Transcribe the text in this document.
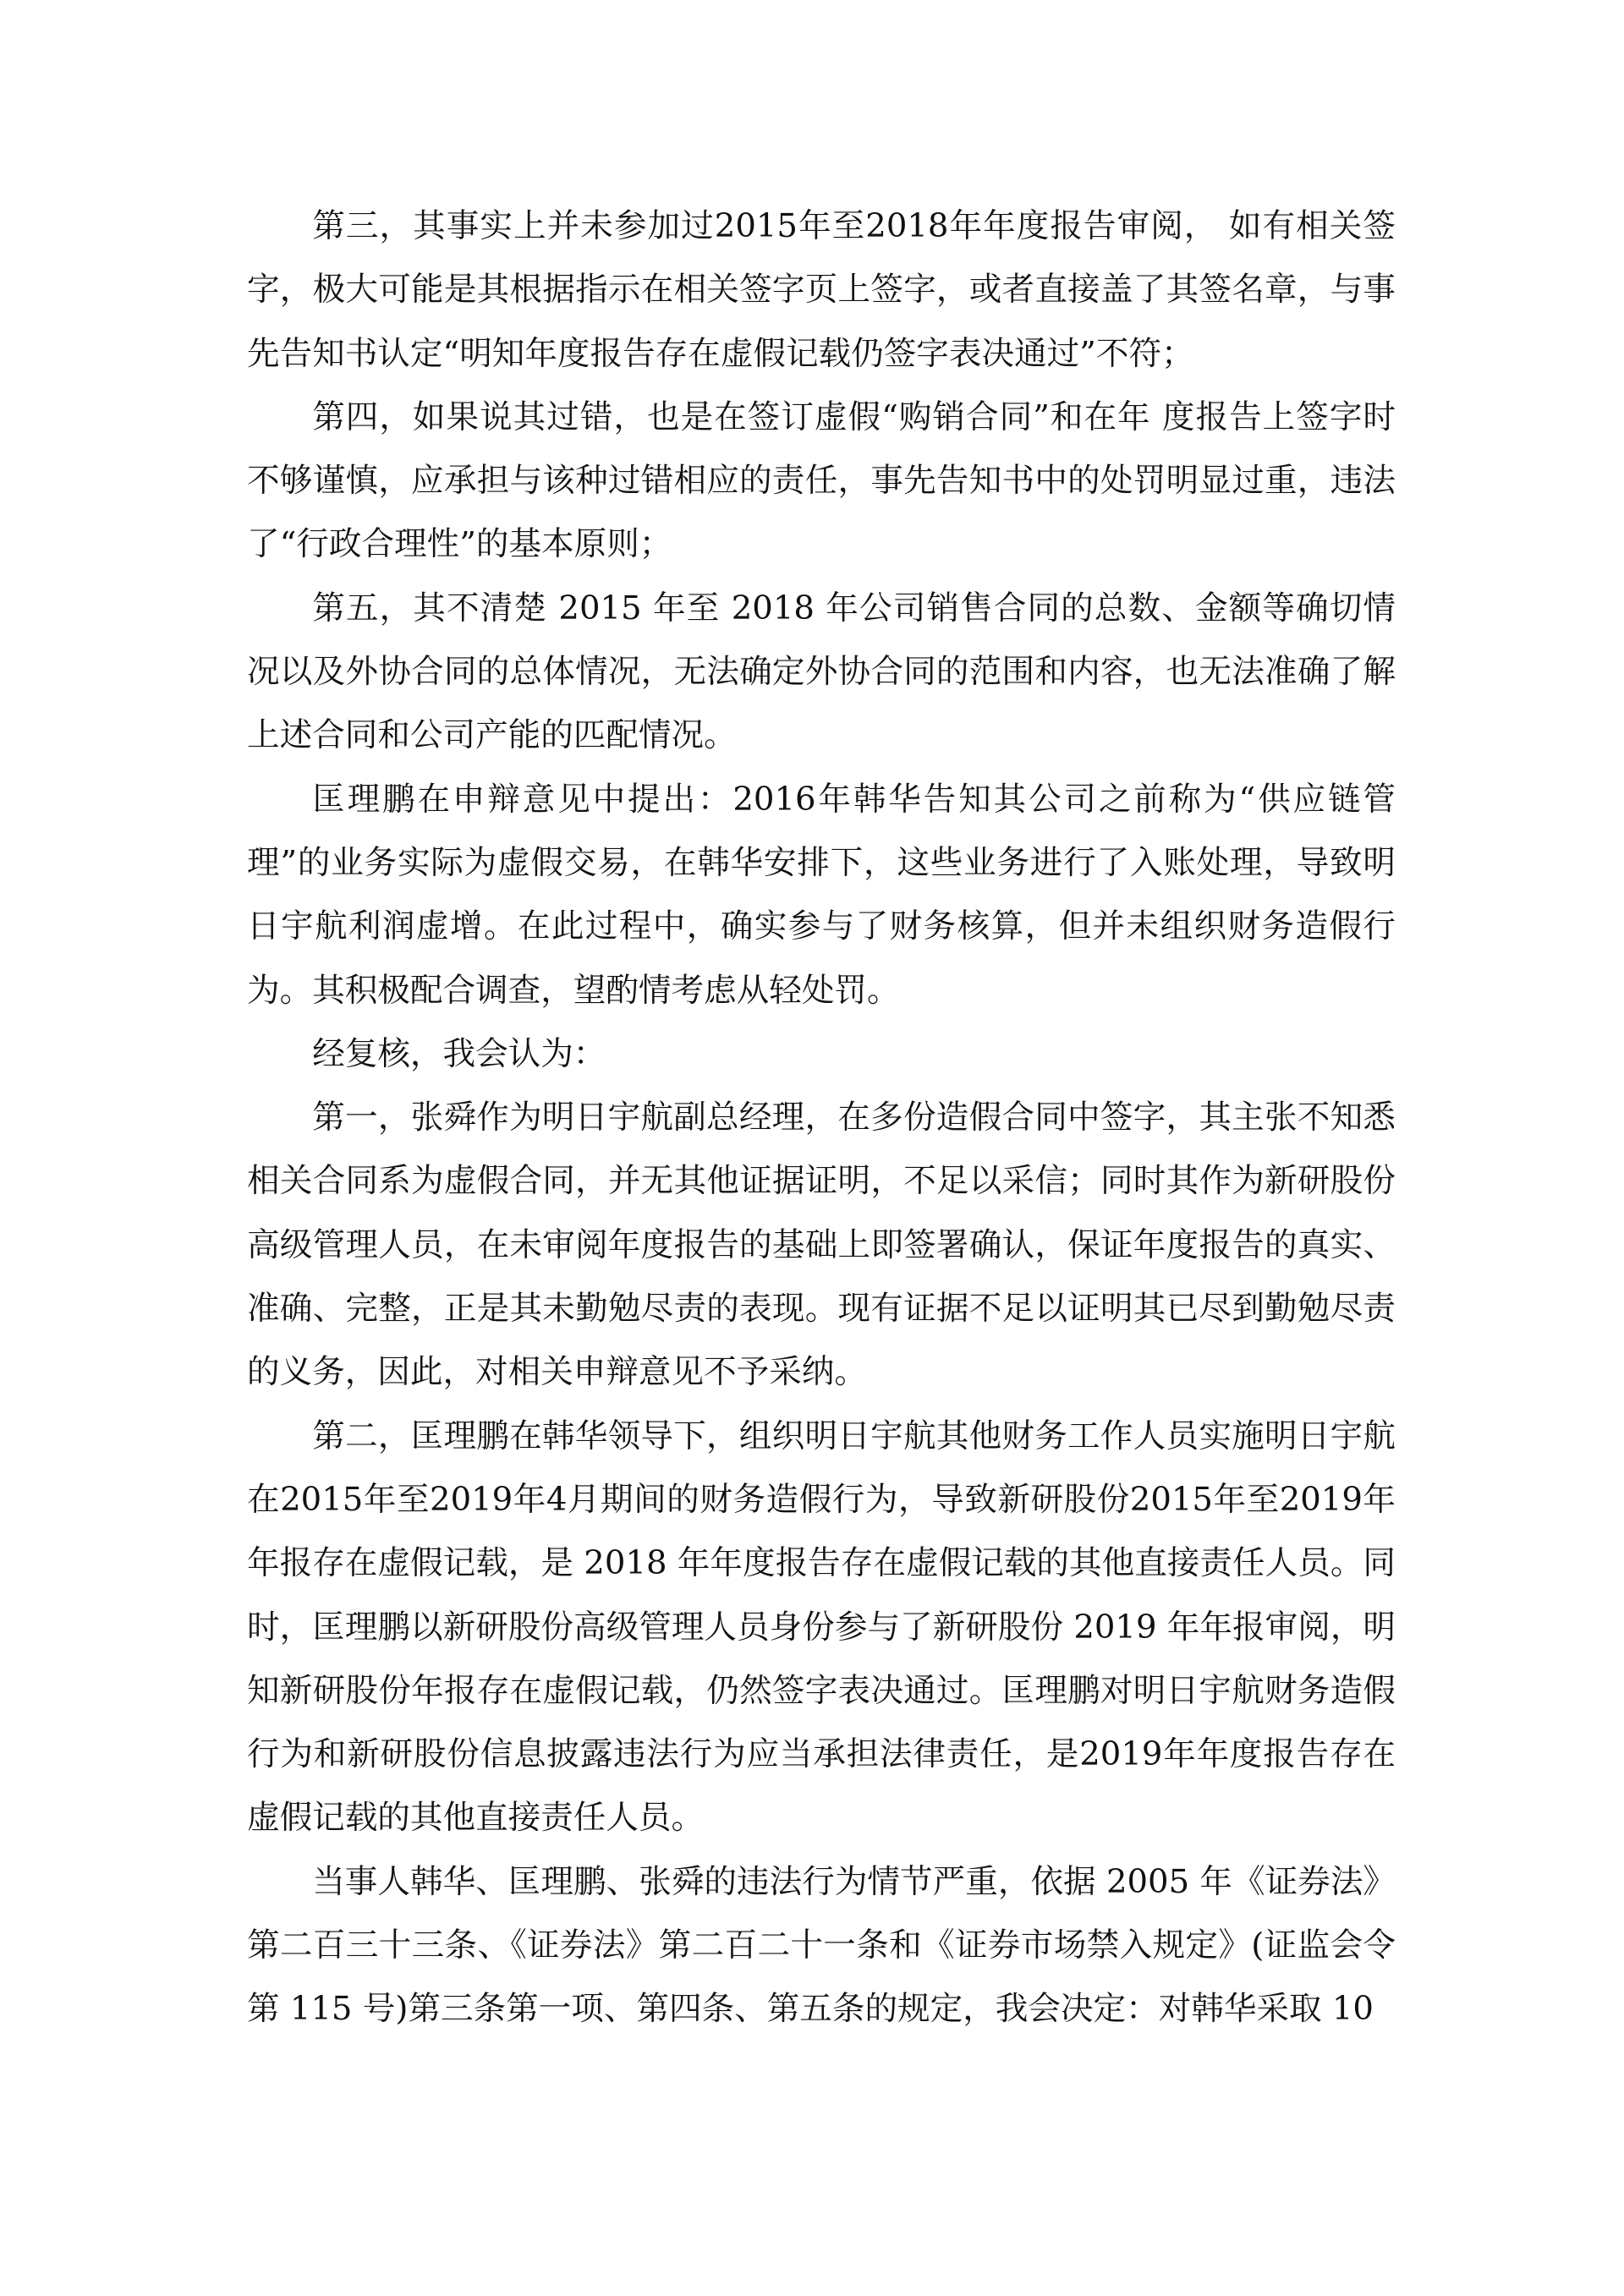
第三，其事实上并未参加过2015年至2018年年度报告审阅， 如有相关签字，极大可能是其根据指示在相关签字页上签字，或者直接盖了其签名章，与事先告知书认定“明知年度报告存在虚假记载仍签字表决通过”不符；

第四，如果说其过错，也是在签订虚假“购销合同”和在年 度报告上签字时不够谨慎，应承担与该种过错相应的责任，事先告知书中的处罚明显过重，违法了“行政合理性”的基本原则；

第五，其不清楚 2015 年至 2018 年公司销售合同的总数、金额等确切情况以及外协合同的总体情况，无法确定外协合同的范围和内容，也无法准确了解上述合同和公司产能的匹配情况。

匡理鹏在申辩意见中提出：2016年韩华告知其公司之前称为“供应链管理”的业务实际为虚假交易，在韩华安排下，这些业务进行了入账处理，导致明日宇航利润虚增。在此过程中，确实参与了财务核算，但并未组织财务造假行为。其积极配合调查，望酌情考虑从轻处罚。

经复核，我会认为：

第一，张舜作为明日宇航副总经理，在多份造假合同中签字，其主张不知悉相关合同系为虚假合同，并无其他证据证明，不足以采信；同时其作为新研股份高级管理人员，在未审阅年度报告的基础上即签署确认，保证年度报告的真实、准确、完整，正是其未勤勉尽责的表现。现有证据不足以证明其已尽到勤勉尽责的义务，因此，对相关申辩意见不予采纳。

第二，匡理鹏在韩华领导下，组织明日宇航其他财务工作人员实施明日宇航在2015年至2019年4月期间的财务造假行为，导致新研股份2015年至2019年年报存在虚假记载，是 2018 年年度报告存在虚假记载的其他直接责任人员。同时，匡理鹏以新研股份高级管理人员身份参与了新研股份 2019 年年报审阅，明 知新研股份年报存在虚假记载，仍然签字表决通过。匡理鹏对明日宇航财务造假行为和新研股份信息披露违法行为应当承担法律责任，是2019年年度报告存在虚假记载的其他直接责任人员。

当事人韩华、匡理鹏、张舜的违法行为情节严重，依据 2005 年《证券法》第二百三十三条、《证券法》第二百二十一条和《证券市场禁入规定》(证监会令第 115 号)第三条第一项、第四条、第五条的规定，我会决定：对韩华采取 10
